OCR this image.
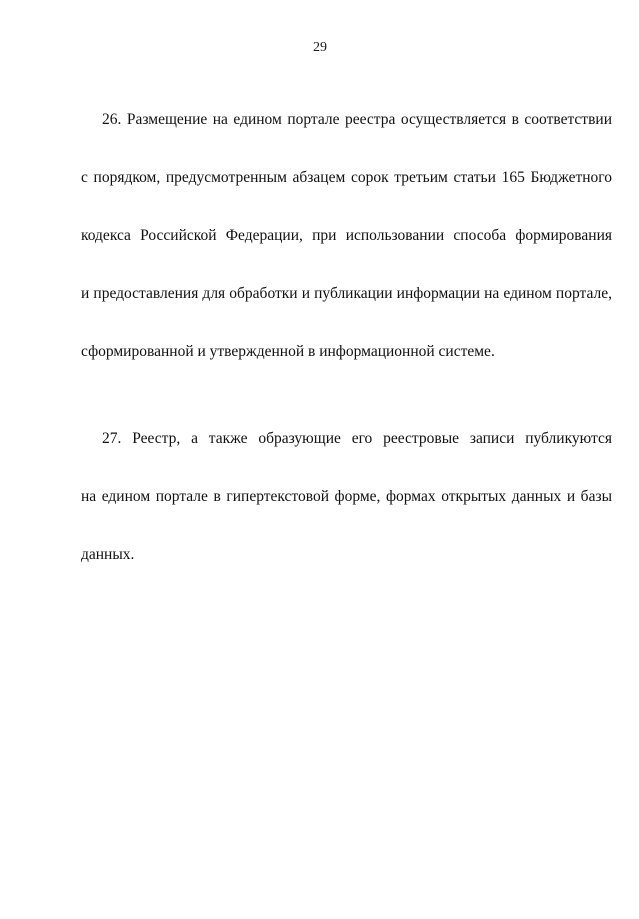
29

26. Размещение на едином портале реестра осуществляется в соответствии

с порядком, предусмотренным абзацем сорок третьим статьи 165 Бюджетного

кодекса Российской Федерации, при использовании способа формирования

и предоставления для обработки и публикации информации на едином портале,

сформированной и утвержденной в информационной системе.

27. Реестр, а также образующие его реестровые записи публикуются

на едином портале в гипертекстовой форме, формах открытых данных и базы

данных.
